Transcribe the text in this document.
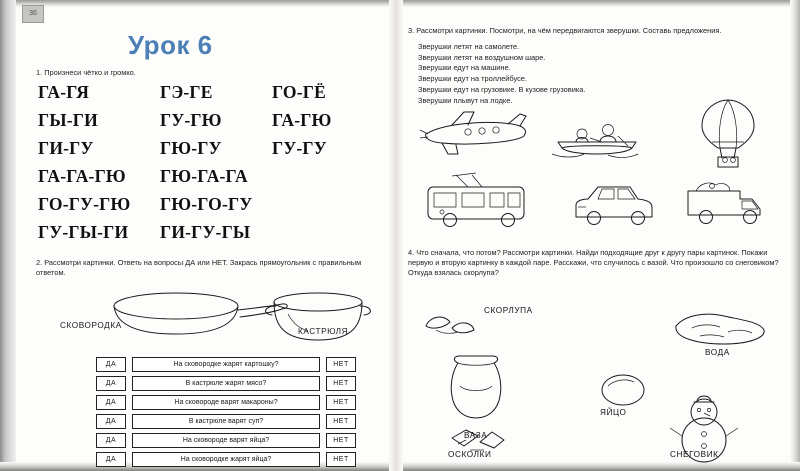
36
Урок 6
1. Произнеси чётко и громко.
ГА-ГЯ	ГЭ-ГЕ	ГО-ГЁ
ГЫ-ГИ	ГУ-ГЮ	ГА-ГЮ
ГИ-ГУ	ГЮ-ГУ	ГУ-ГУ
ГА-ГА-ГЮ	ГЮ-ГА-ГА
ГО-ГУ-ГЮ	ГЮ-ГО-ГУ
ГУ-ГЫ-ГИ	ГИ-ГУ-ГЫ
2. Рассмотри картинки. Ответь на вопросы ДА или НЕТ. Закрась прямоугольник с правильным ответом.
СКОВОРОДКА
КАСТРЮЛЯ
ДА	На сковородке жарят картошку?	НЕТ
ДА	В кастрюле жарят мясо?	НЕТ
ДА	На сковороде варят макароны?	НЕТ
ДА	В кастрюле варят суп?	НЕТ
ДА	На сковороде варят яйца?	НЕТ
ДА	На сковородке жарят яйца?	НЕТ
3. Рассмотри картинки. Посмотри, на чём передвигаются зверушки. Составь предложения.
Зверушки летят на самолете.
Зверушки летят на воздушном шаре.
Зверушки едут на машине.
Зверушки едут на троллейбусе.
Зверушки едут на грузовике. В кузове грузовика.
Зверушки плывут на лодке.
4. Что сначала, что потом? Рассмотри картинки. Найди подходящие друг к другу пары картинок. Покажи первую и вторую картинку в каждой паре. Расскажи, что случилось с вазой. Что произошло со снеговиком? Откуда взялась скорлупа?
ВАЗА
ЯЙЦО
СКОРЛУПА
ВОДА
ОСКОЛКИ	СНЕГОВИК
